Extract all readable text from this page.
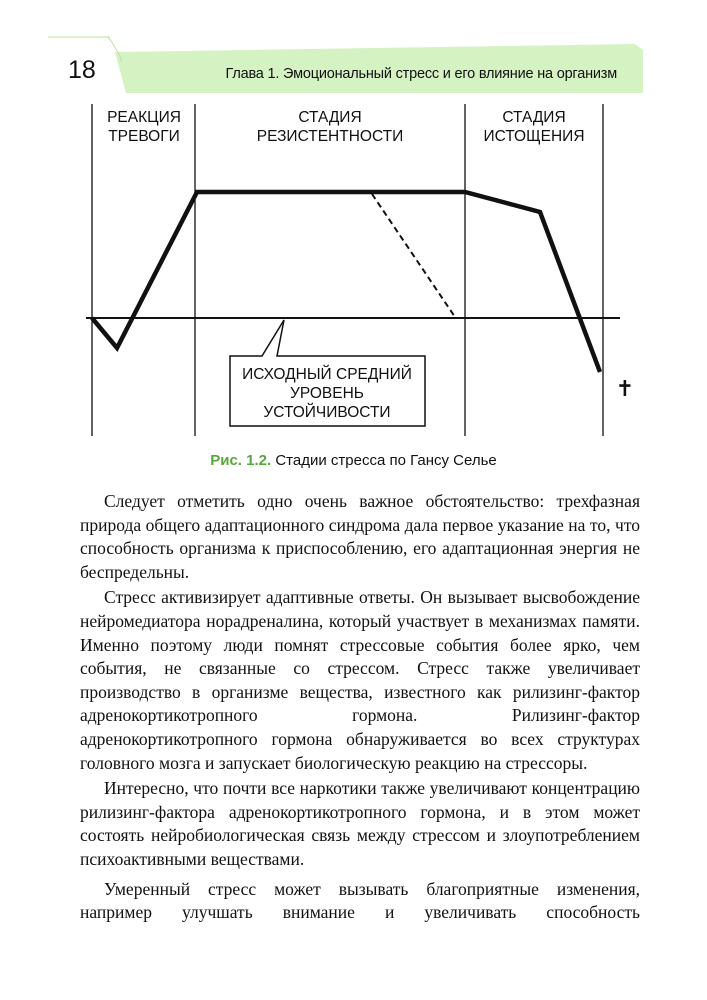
18	Глава 1. Эмоциональный стресс и его влияние на организм
РЕАКЦИЯ
ТРЕВОГИ
СТАДИЯ
РЕЗИСТЕНТНОСТИ
СТАДИЯ
ИСТОЩЕНИЯ
ИСХОДНЫЙ СРЕДНИЙ
УРОВЕНЬ
УСТОЙЧИВОСТИ
✝
Рис. 1.2. Стадии стресса по Гансу Селье

Следует отметить одно очень важное обстоятельство: трехфазная природа общего адаптационного синдрома дала первое указание на то, что способность организма к приспособлению, его адаптационная энергия не беспредельны.

Стресс активизирует адаптивные ответы. Он вызывает высвобождение нейромедиатора норадреналина, который участвует в механизмах памяти. Именно поэтому люди помнят стрессовые события более ярко, чем события, не связанные со стрессом. Стресс также увеличивает производство в организме вещества, известного как рилизинг-фактор адренокортикотропного гормона. Рилизинг-фактор адренокортикотропного гормона обнаруживается во всех структурах головного мозга и запускает биологическую реакцию на стрессоры.

Интересно, что почти все наркотики также увеличивают концентрацию рилизинг-фактора адренокортикотропного гормона, и в этом может состоять нейробиологическая связь между стрессом и злоупотреблением психоактивными веществами.

Умеренный стресс может вызывать благоприятные изменения, например улучшать внимание и увеличивать способность
